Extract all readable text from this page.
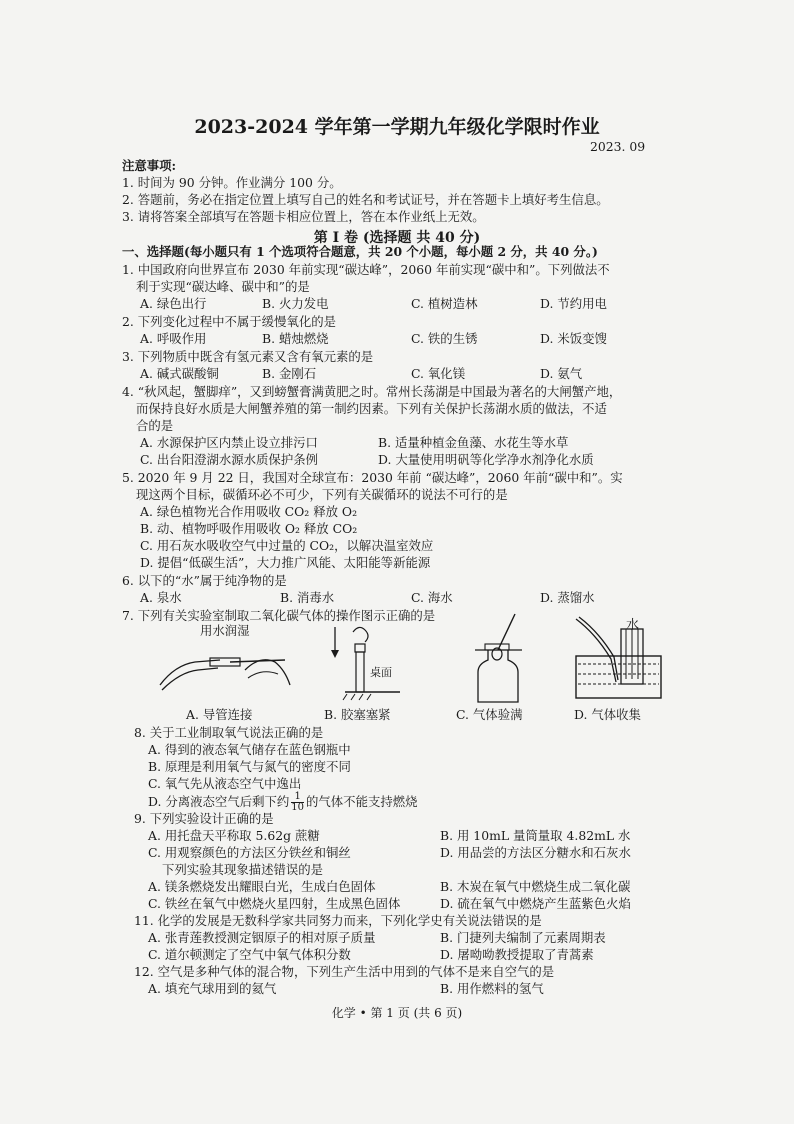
2023-2024 学年第一学期九年级化学限时作业
2023. 09
注意事项:
1. 时间为 90 分钟。作业满分 100 分。
2. 答题前，务必在指定位置上填写自己的姓名和考试证号，并在答题卡上填好考生信息。
3. 请将答案全部填写在答题卡相应位置上，答在本作业纸上无效。
第 I 卷 (选择题 共 40 分)
一、选择题(每小题只有 1 个选项符合题意，共 20 个小题，每小题 2 分，共 40 分。)
1. 中国政府向世界宣布 2030 年前实现“碳达峰”，2060 年前实现“碳中和”。下列做法不
利于实现“碳达峰、碳中和”的是
A. 绿色出行	B. 火力发电	C. 植树造林	D. 节约用电
2. 下列变化过程中不属于缓慢氧化的是
A. 呼吸作用	B. 蜡烛燃烧	C. 铁的生锈	D. 米饭变馊
3. 下列物质中既含有氢元素又含有氧元素的是
A. 碱式碳酸铜	B. 金刚石	C. 氧化镁	D. 氨气
4. “秋风起，蟹脚痒”，又到螃蟹膏满黄肥之时。常州长荡湖是中国最为著名的大闸蟹产地，
而保持良好水质是大闸蟹养殖的第一制约因素。下列有关保护长荡湖水质的做法，不适
合的是
A. 水源保护区内禁止设立排污口	B. 适量种植金鱼藻、水花生等水草
C. 出台阳澄湖水源水质保护条例	D. 大量使用明矾等化学净水剂净化水质
5. 2020 年 9 月 22 日，我国对全球宣布：2030 年前 “碳达峰”，2060 年前“碳中和”。实
现这两个目标，碳循环必不可少，下列有关碳循环的说法不可行的是
A. 绿色植物光合作用吸收 CO₂ 释放 O₂
B. 动、植物呼吸作用吸收 O₂ 释放 CO₂
C. 用石灰水吸收空气中过量的 CO₂，以解决温室效应
D. 提倡“低碳生活”，大力推广风能、太阳能等新能源
6. 以下的“水”属于纯净物的是
A. 泉水	B. 消毒水	C. 海水	D. 蒸馏水
7. 下列有关实验室制取二氧化碳气体的操作图示正确的是
用水润湿
桌面
水
A. 导管连接	B. 胶塞塞紧	C. 气体验满	D. 气体收集
8. 关于工业制取氧气说法正确的是
A. 得到的液态氧气储存在蓝色钢瓶中
B. 原理是利用氧气与氮气的密度不同
C. 氧气先从液态空气中逸出
D. 分离液态空气后剩下约 $\frac{1}{10}$ 的气体不能支持燃烧
9. 下列实验设计正确的是
A. 用托盘天平称取 5.62g 蔗糖	B. 用 10mL 量筒量取 4.82mL 水
C. 用观察颜色的方法区分铁丝和铜丝	D. 用品尝的方法区分糖水和石灰水
下列实验其现象描述错误的是
A. 镁条燃烧发出耀眼白光，生成白色固体	B. 木炭在氧气中燃烧生成二氧化碳
C. 铁丝在氧气中燃烧火星四射，生成黑色固体	D. 硫在氧气中燃烧产生蓝紫色火焰
11. 化学的发展是无数科学家共同努力而来，下列化学史有关说法错误的是
A. 张青莲教授测定铟原子的相对原子质量	B. 门捷列夫编制了元素周期表
C. 道尔顿测定了空气中氧气体积分数	D. 屠呦呦教授提取了青蒿素
12. 空气是多种气体的混合物，下列生产生活中用到的气体不是来自空气的是
A. 填充气球用到的氦气	B. 用作燃料的氢气
化学 • 第 1 页 (共 6 页)
